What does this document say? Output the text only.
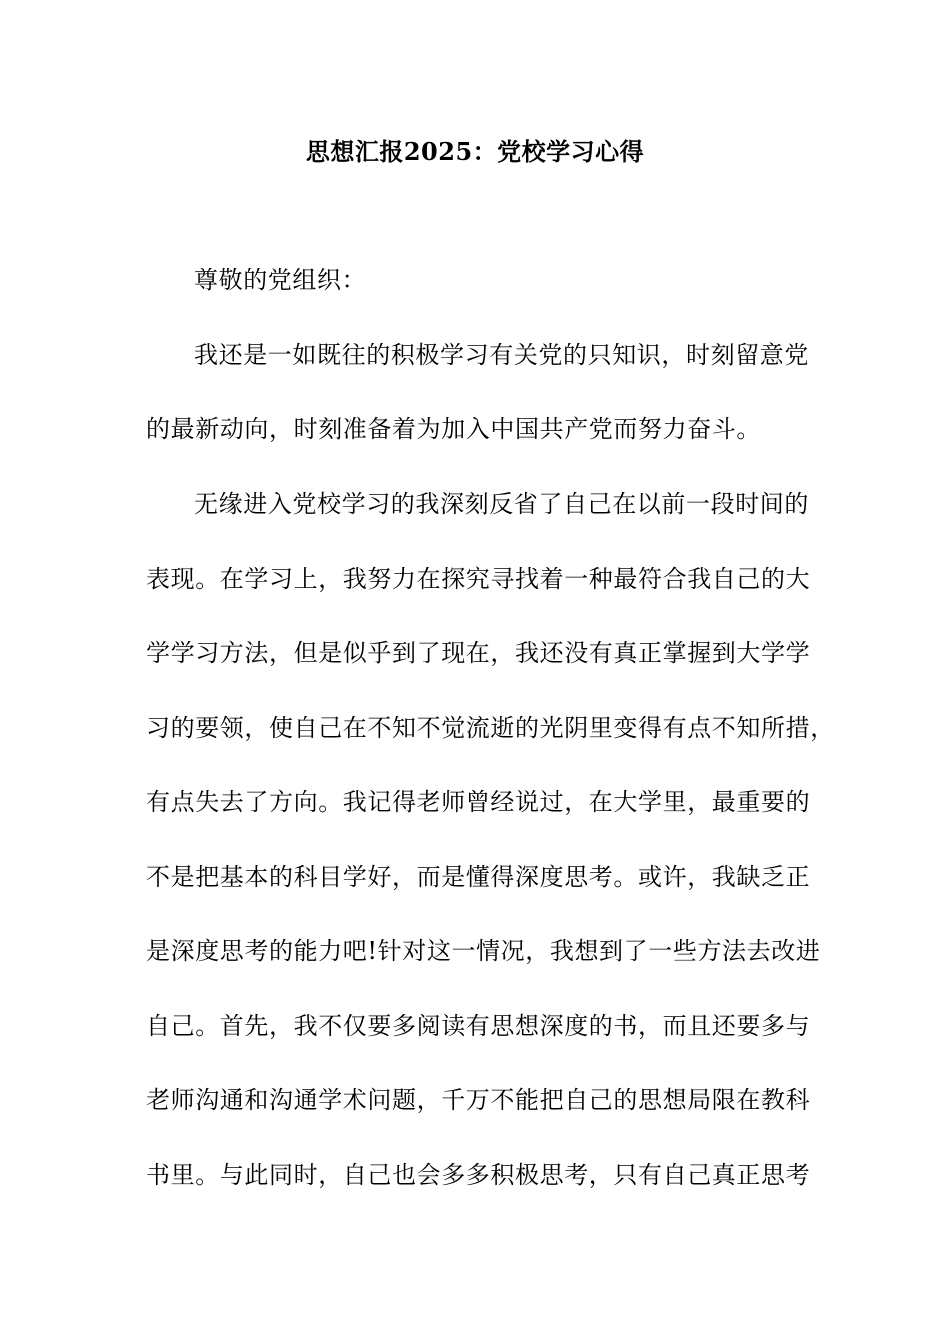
思想汇报2025：党校学习心得
尊敬的党组织：
我还是一如既往的积极学习有关党的只知识，时刻留意党
的最新动向，时刻准备着为加入中国共产党而努力奋斗。
无缘进入党校学习的我深刻反省了自己在以前一段时间的
表现。在学习上，我努力在探究寻找着一种最符合我自己的大
学学习方法，但是似乎到了现在，我还没有真正掌握到大学学
习的要领，使自己在不知不觉流逝的光阴里变得有点不知所措，
有点失去了方向。我记得老师曾经说过，在大学里，最重要的
不是把基本的科目学好，而是懂得深度思考。或许，我缺乏正
是深度思考的能力吧!针对这一情况，我想到了一些方法去改进
自己。首先，我不仅要多阅读有思想深度的书，而且还要多与
老师沟通和沟通学术问题，千万不能把自己的思想局限在教科
书里。与此同时，自己也会多多积极思考，只有自己真正思考
